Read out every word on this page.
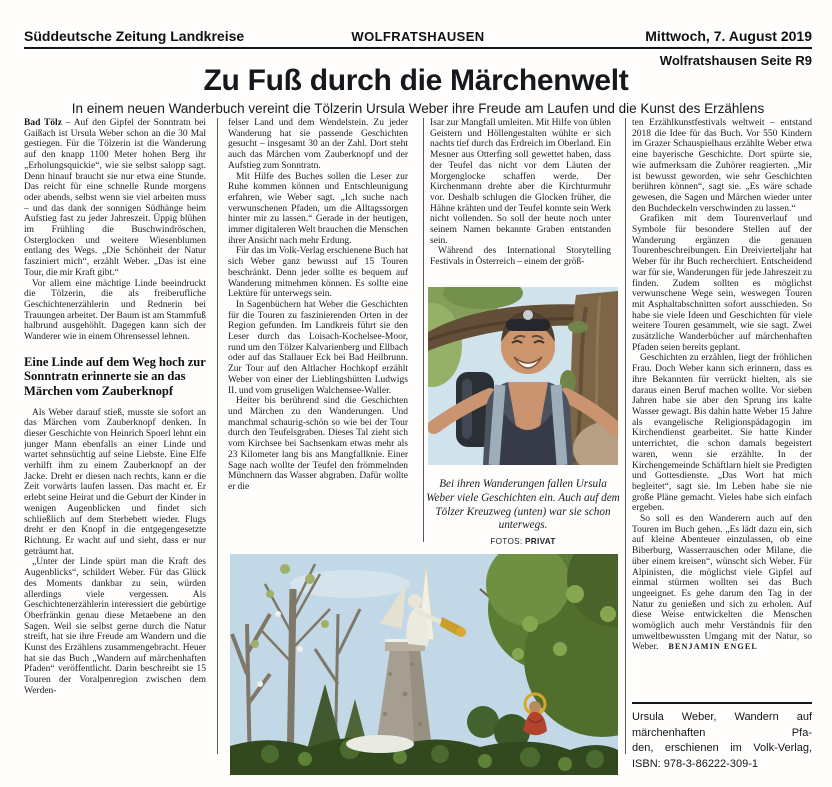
Süddeutsche Zeitung Landkreise	WOLFRATSHAUSEN	Mittwoch, 7. August 2019
Wolfratshausen Seite R9
Zu Fuß durch die Märchenwelt
In einem neuen Wanderbuch vereint die Tölzerin Ursula Weber ihre Freude am Laufen und die Kunst des Erzählens

Bad Tölz – Auf den Gipfel der Sonntratn bei Gaißach ist Ursula Weber schon an die 30 Mal gestiegen. Für die Tölzerin ist die Wanderung auf den knapp 1100 Meter hohen Berg ihr „Erholungsquickie“, wie sie selbst salopp sagt. Denn hinauf braucht sie nur etwa eine Stunde. Das reicht für eine schnelle Runde morgens oder abends, selbst wenn sie viel arbeiten muss – und das dank der sonnigen Südhänge beim Aufstieg fast zu jeder Jahreszeit. Üppig blühen im Frühling die Buschwindröschen, Osterglocken und weitere Wiesenblumen entlang des Wegs. „Die Schönheit der Natur fasziniert mich“, erzählt Weber. „Das ist eine Tour, die mir Kraft gibt.“

Vor allem eine mächtige Linde beeindruckt die Tölzerin, die als freiberufliche Geschichtenerzählerin und Rednerin bei Trauungen arbeitet. Der Baum ist am Stammfuß halbrund ausgehöhlt. Dagegen kann sich der Wanderer wie in einem Ohrensessel lehnen.

Eine Linde auf dem Weg hoch zur Sonntratn erinnerte sie an das Märchen vom Zauberknopf

Als Weber darauf stieß, musste sie sofort an das Märchen vom Zauberknopf denken. In dieser Geschichte von Heinrich Spoerl lehnt ein junger Mann ebenfalls an einer Linde und wartet sehnsüchtig auf seine Liebste. Eine Elfe verhilft ihm zu einem Zauberknopf an der Jacke. Dreht er diesen nach rechts, kann er die Zeit vorwärts laufen lassen. Das macht er. Er erlebt seine Heirat und die Geburt der Kinder in wenigen Augenblicken und findet sich schließlich auf dem Sterbebett wieder. Flugs dreht er den Knopf in die entgegengesetzte Richtung. Er wacht auf und sieht, dass er nur geträumt hat.

„Unter der Linde spürt man die Kraft des Augenblicks“, schildert Weber. Für das Glück des Moments dankbar zu sein, würden allerdings viele vergessen. Als Geschichtenerzählerin interessiert die gebürtige Oberfränkin genau diese Metaebene an den Sagen. Weil sie selbst gerne durch die Natur streift, hat sie ihre Freude am Wandern und die Kunst des Erzählens zusammengebracht. Heuer hat sie das Buch „Wandern auf märchenhaften Pfaden“ veröffentlicht. Darin beschreibt sie 15 Touren der Voralpenregion zwischen dem Werden-

felser Land und dem Wendelstein. Zu jeder Wanderung hat sie passende Geschichten gesucht – insgesamt 30 an der Zahl. Dort steht auch das Märchen vom Zauberknopf und der Aufstieg zum Sonntratn.

Mit Hilfe des Buches sollen die Leser zur Ruhe kommen können und Entschleunigung erfahren, wie Weber sagt. „Ich suche nach verwunschenen Pfaden, um die Alltagssorgen hinter mir zu lassen.“ Gerade in der heutigen, immer digitaleren Welt brauchen die Menschen ihrer Ansicht nach mehr Erdung.

Für das im Volk-Verlag erschienene Buch hat sich Weber ganz bewusst auf 15 Touren beschränkt. Denn jeder sollte es bequem auf Wanderung mitnehmen können. Es sollte eine Lektüre für unterwegs sein.

In Sagenbüchern hat Weber die Geschichten für die Touren zu faszinierenden Orten in der Region gefunden. Im Landkreis führt sie den Leser durch das Loisach-Kochelsee-Moor, rund um den Tölzer Kalvarienberg und Ellbach oder auf das Stallauer Eck bei Bad Heilbrunn. Zur Tour auf den Altlacher Hochkopf erzählt Weber von einer der Lieblingshütten Ludwigs II. und vom gruseligen Walchensee-Waller.

Heiter bis berührend sind die Geschichten und Märchen zu den Wanderungen. Und manchmal schaurig-schön so wie bei der Tour durch den Teufelsgraben. Dieses Tal zieht sich vom Kirchsee bei Sachsenkam etwas mehr als 23 Kilometer lang bis ans Mangfallknie. Einer Sage nach wollte der Teufel den frömmelnden Münchnern das Wasser abgraben. Dafür wollte er die

Isar zur Mangfall umleiten. Mit Hilfe von üblen Geistern und Höllengestalten wühlte er sich nachts tief durch das Erdreich im Oberland. Ein Mesner aus Otterfing soll gewettet haben, dass der Teufel das nicht vor dem Läuten der Morgenglocke schaffen werde. Der Kirchenmann drehte aber die Kirchturmuhr vor. Deshalb schlugen die Glocken früher, die Hähne krähten und der Teufel konnte sein Werk nicht vollenden. So soll der heute noch unter seinem Namen bekannte Graben entstanden sein.

Während des International Storytelling Festivals in Österreich – einem der größ-

ten Erzählkunstfestivals weltweit – entstand 2018 die Idee für das Buch. Vor 550 Kindern im Grazer Schauspielhaus erzählte Weber etwa eine bayerische Geschichte. Dort spürte sie, wie aufmerksam die Zuhörer reagierten. „Mir ist bewusst geworden, wie sehr Geschichten berühren können“, sagt sie. „Es wäre schade gewesen, die Sagen und Märchen wieder unter den Buchdeckeln verschwinden zu lassen.“

Grafiken mit dem Tourenverlauf und Symbole für besondere Stellen auf der Wanderung ergänzen die genauen Tourenbeschreibungen. Ein Dreivierteljahr hat Weber für ihr Buch recherchiert. Entscheidend war für sie, Wanderungen für jede Jahreszeit zu finden. Zudem sollten es möglichst verwunschene Wege sein, weswegen Touren mit Asphaltabschnitten sofort ausschieden. So habe sie viele Ideen und Geschichten für viele weitere Touren gesammelt, wie sie sagt. Zwei zusätzliche Wanderbücher auf märchenhaften Pfaden seien bereits geplant.

Geschichten zu erzählen, liegt der fröhlichen Frau. Doch Weber kann sich erinnern, dass es ihre Bekannten für verrückt hielten, als sie daraus einen Beruf machen wollte. Vor sieben Jahren habe sie aber den Sprung ins kalte Wasser gewagt. Bis dahin hatte Weber 15 Jahre als evangelische Religionspädagogin im Kirchendienst gearbeitet. Sie hatte Kinder unterrichtet, die schon damals begeistert waren, wenn sie erzählte. In der Kirchengemeinde Schäftlarn hielt sie Predigten und Gottesdienste. „Das Wort hat mich begleitet“, sagt sie. Im Leben habe sie nie große Pläne gemacht. Vieles habe sich einfach ergeben.

So soll es den Wanderern auch auf den Touren im Buch gehen. „Es lädt dazu ein, sich auf kleine Abenteuer einzulassen, ob eine Biberburg, Wasserrauschen oder Milane, die über einem kreisen“, wünscht sich Weber. Für Alpinisten, die möglichst viele Gipfel auf einmal stürmen wollten sei das Buch ungeeignet. Es gehe darum den Tag in der Natur zu genießen und sich zu erholen. Auf diese Weise entwickelten die Menschen womöglich auch mehr Verständnis für den umweltbewussten Umgang mit der Natur, so Weber. BENJAMIN ENGEL

Bei ihren Wanderungen fallen Ursula Weber viele Geschichten ein. Auch auf dem Tölzer Kreuzweg (unten) war sie schon unterwegs.
FOTOS: PRIVAT
Ursula Weber, Wandern auf märchenhaften Pfa-
den, erschienen im Volk-Verlag,
ISBN: 978-3-86222-309-1
